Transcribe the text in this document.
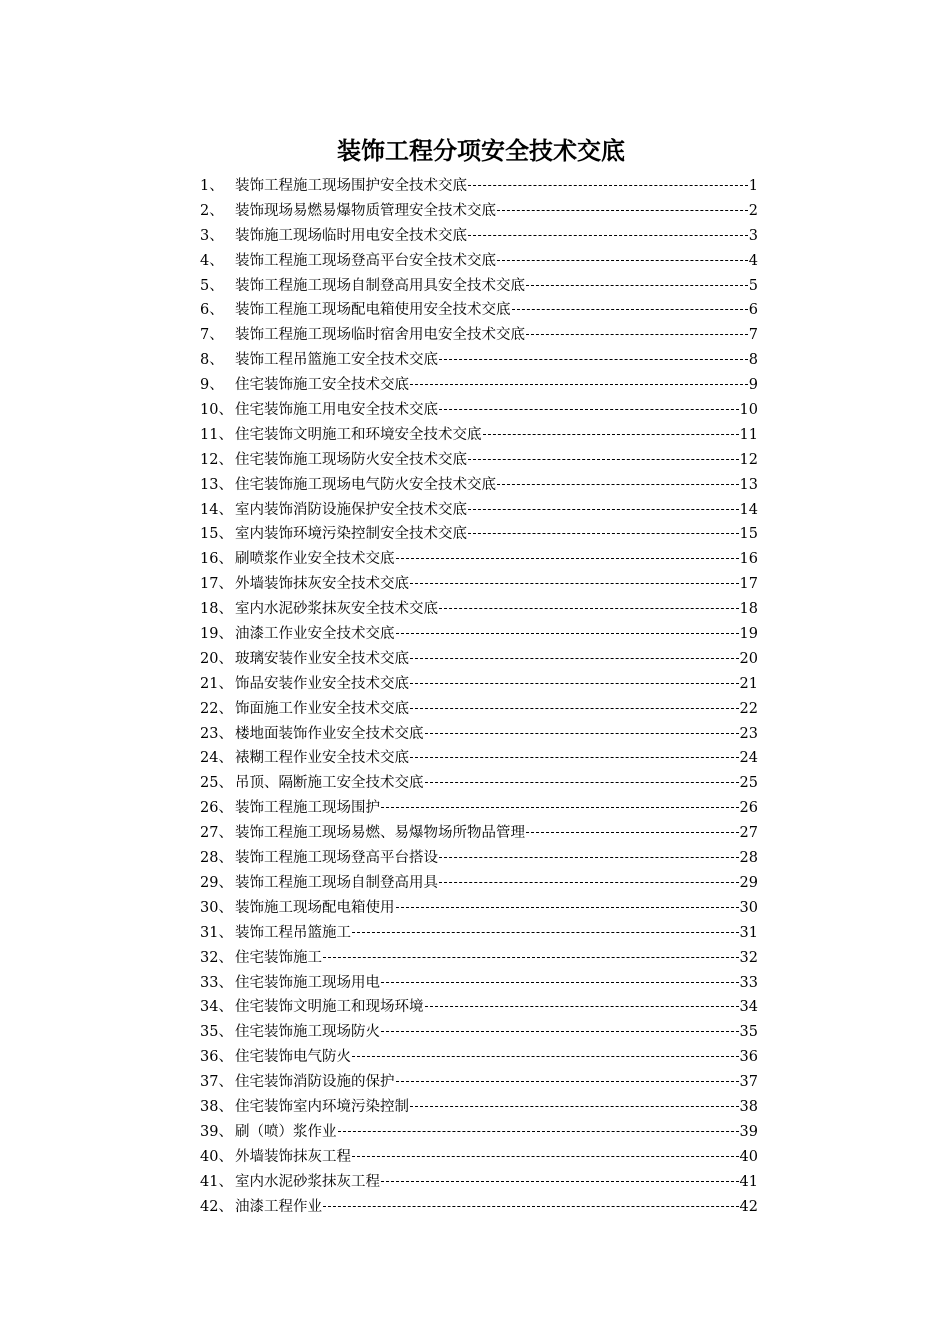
装饰工程分项安全技术交底
1、 装饰工程施工现场围护安全技术交底	1
2、 装饰现场易燃易爆物质管理安全技术交底	2
3、 装饰施工现场临时用电安全技术交底	3
4、 装饰工程施工现场登高平台安全技术交底	4
5、 装饰工程施工现场自制登高用具安全技术交底	5
6、 装饰工程施工现场配电箱使用安全技术交底	6
7、 装饰工程施工现场临时宿舍用电安全技术交底	7
8、 装饰工程吊篮施工安全技术交底	8
9、 住宅装饰施工安全技术交底	9
10、 住宅装饰施工用电安全技术交底	10
11、 住宅装饰文明施工和环境安全技术交底	11
12、 住宅装饰施工现场防火安全技术交底	12
13、 住宅装饰施工现场电气防火安全技术交底	13
14、 室内装饰消防设施保护安全技术交底	14
15、 室内装饰环境污染控制安全技术交底	15
16、 刷喷浆作业安全技术交底	16
17、 外墙装饰抹灰安全技术交底	17
18、 室内水泥砂浆抹灰安全技术交底	18
19、 油漆工作业安全技术交底	19
20、 玻璃安装作业安全技术交底	20
21、 饰品安装作业安全技术交底	21
22、 饰面施工作业安全技术交底	22
23、 楼地面装饰作业安全技术交底	23
24、 裱糊工程作业安全技术交底	24
25、 吊顶、隔断施工安全技术交底	25
26、 装饰工程施工现场围护	26
27、 装饰工程施工现场易燃、易爆物场所物品管理	27
28、 装饰工程施工现场登高平台搭设	28
29、 装饰工程施工现场自制登高用具	29
30、 装饰施工现场配电箱使用	30
31、 装饰工程吊篮施工	31
32、 住宅装饰施工	32
33、 住宅装饰施工现场用电	33
34、 住宅装饰文明施工和现场环境	34
35、 住宅装饰施工现场防火	35
36、 住宅装饰电气防火	36
37、 住宅装饰消防设施的保护	37
38、 住宅装饰室内环境污染控制	38
39、 刷（喷）浆作业	39
40、 外墙装饰抹灰工程	40
41、 室内水泥砂浆抹灰工程	41
42、 油漆工程作业	42
